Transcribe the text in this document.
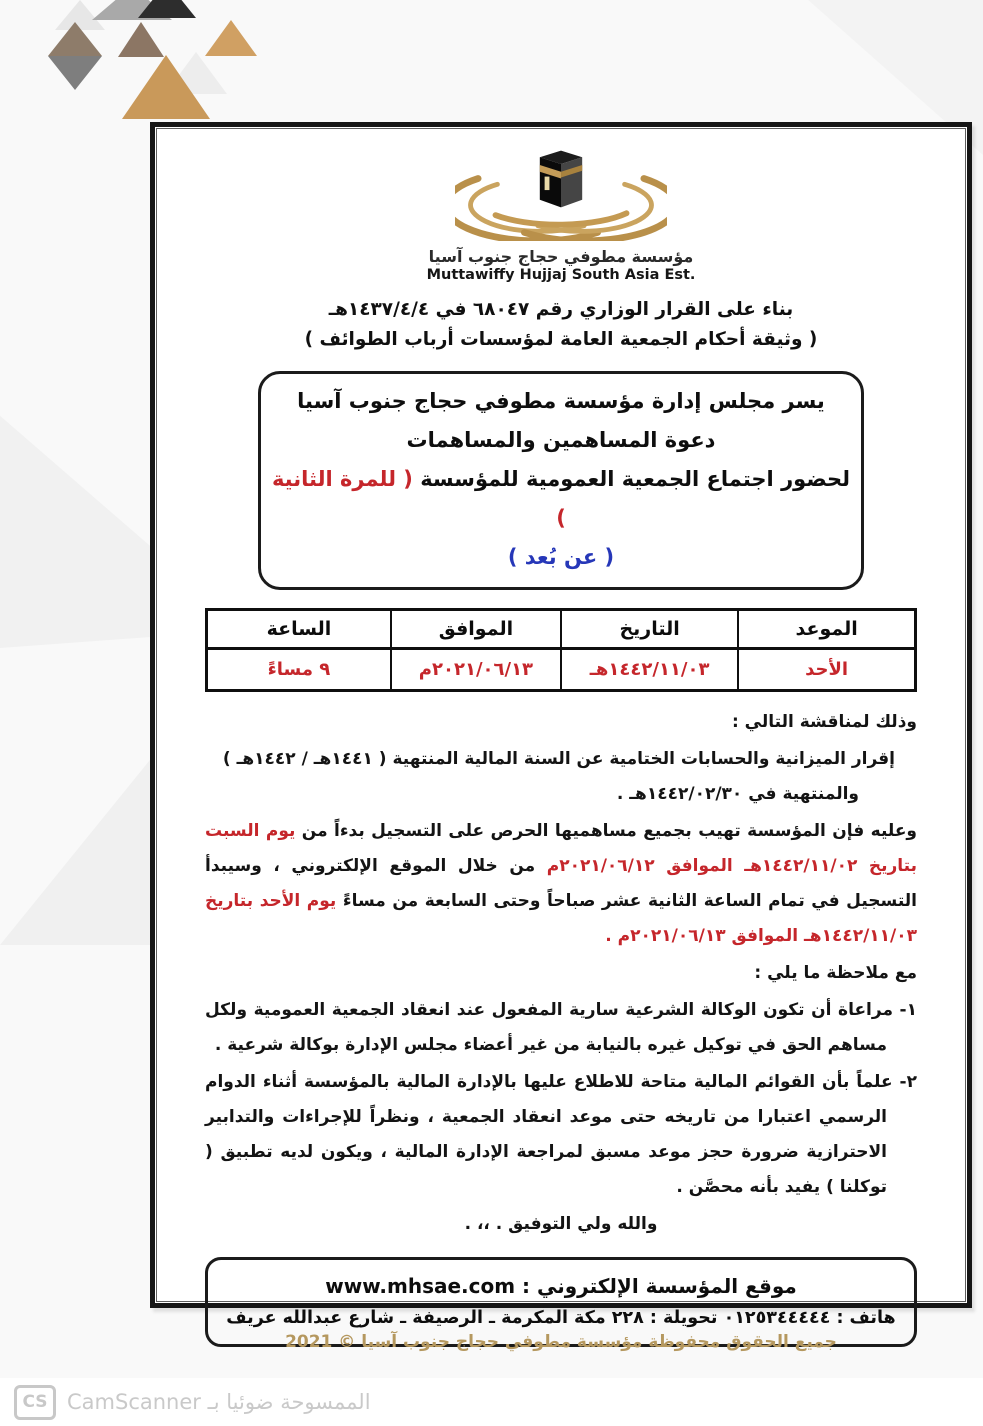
مؤسسة مطوفي حجاج جنوب آسيا
Muttawiffy Hujjaj South Asia Est.
بناء على القرار الوزاري رقم ٦٨٠٤٧ في ١٤٣٧/٤/٤هـ
( وثيقة أحكام الجمعية العامة لمؤسسات أرباب الطوائف )
يسر مجلس إدارة مؤسسة مطوفي حجاج جنوب آسيا
دعوة المساهمين والمساهمات
لحضور اجتماع الجمعية العمومية للمؤسسة ( للمرة الثانية )
( عن بُعد )
الموعد	التاريخ	الموافق	الساعة
الأحد	١٤٤٢/١١/٠٣هـ	٢٠٢١/٠٦/١٣م	٩ مساءً

وذلك لمناقشة التالي :

إقرار الميزانية والحسابات الختامية عن السنة المالية المنتهية ( ١٤٤١هـ / ١٤٤٢هـ ) والمنتهية في ١٤٤٢/٠٢/٣٠هـ .

وعليه فإن المؤسسة تهيب بجميع مساهميها الحرص على التسجيل بدءاً من يوم السبت بتاريخ ١٤٤٢/١١/٠٢هـ الموافق ٢٠٢١/٠٦/١٢م من خلال الموقع الإلكتروني ، وسيبدأ التسجيل في تمام الساعة الثانية عشر صباحاً وحتى السابعة من مساءً يوم الأحد بتاريخ ١٤٤٢/١١/٠٣هـ الموافق ٢٠٢١/٠٦/١٣م .

مع ملاحظة ما يلي :

١- مراعاة أن تكون الوكالة الشرعية سارية المفعول عند انعقاد الجمعية العمومية ولكل مساهم الحق في توكيل غيره بالنيابة من غير أعضاء مجلس الإدارة بوكالة شرعية .

٢- علماً بأن القوائم المالية متاحة للاطلاع عليها بالإدارة المالية بالمؤسسة أثناء الدوام الرسمي اعتبارا من تاريخه حتى موعد انعقاد الجمعية ، ونظراً للإجراءات والتدابير الاحترازية ضرورة حجز موعد مسبق لمراجعة الإدارة المالية ، ويكون لديه تطبيق ( توكلنا ) يفيد بأنه محصَّن .

والله ولي التوفيق . ،، .

موقع المؤسسة الإلكتروني : www.mhsae.com
هاتف : ٠١٢٥٣٤٤٤٤٤ تحويلة : ٢٢٨ مكة المكرمة ـ الرصيفة ـ شارع عبدالله عريف
جميع الحقوق محفوظة مؤسسة مطوفي حجاج جنوب آسيا © 2021
CS الممسوحة ضوئيا بـ CamScanner
